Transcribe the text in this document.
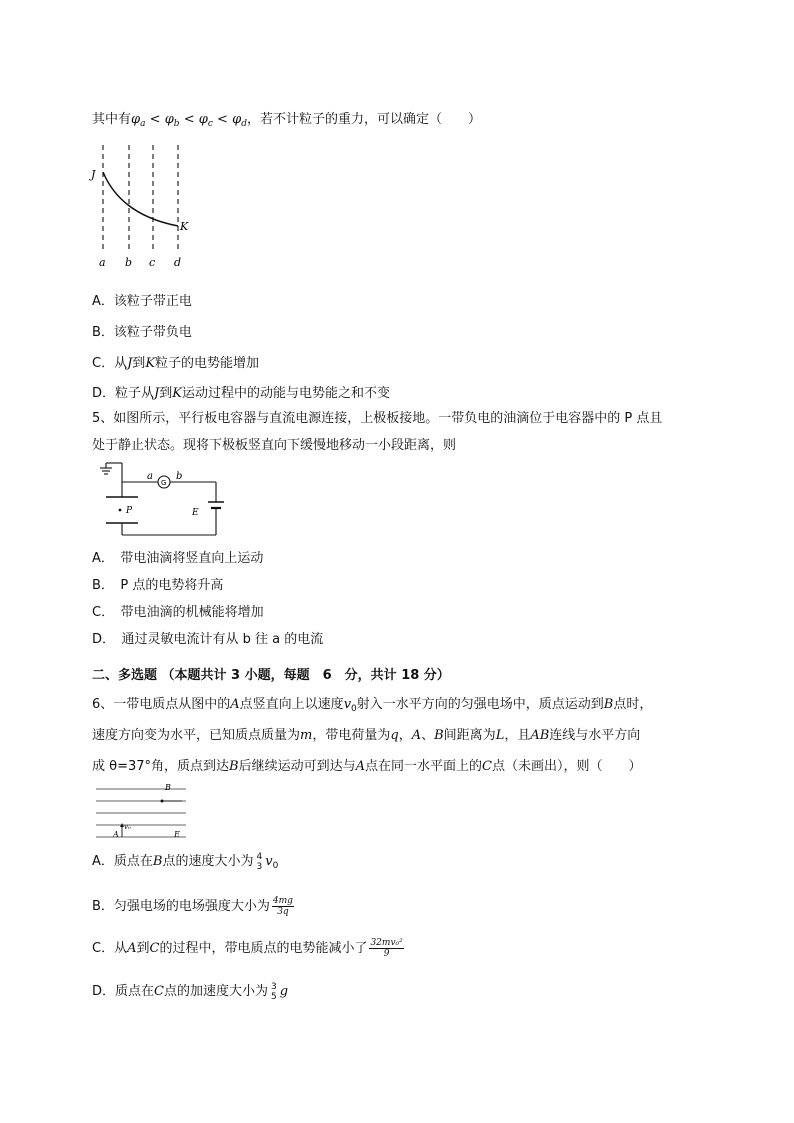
其中有$\varphi_a < \varphi_b < \varphi_c < \varphi_d$，若不计粒子的重力，可以确定（　　）
J
K
a b c d
A．该粒子带正电
B．该粒子带负电
C．从J到K粒子的电势能增加
D．粒子从J到K运动过程中的动能与电势能之和不变
5、如图所示，平行板电容器与直流电源连接，上极板接地。一带负电的油滴位于电容器中的 P 点且
处于静止状态。现将下极板竖直向下缓慢地移动一小段距离，则
a
G
b
P	E
A．　带电油滴将竖直向上运动
B．　P 点的电势将升高
C．　带电油滴的机械能将增加
D．　通过灵敏电流计有从 b 往 a 的电流
二、多选题 （本题共计 3 小题，每题　6　分，共计 18 分）
6、一带电质点从图中的A点竖直向上以速度$v_0$射入一水平方向的匀强电场中，质点运动到B点时，
速度方向变为水平，已知质点质量为m，带电荷量为q，A、B间距离为L，且AB连线与水平方向
成 θ=37°角，质点到达B后继续运动可到达与A点在同一水平面上的C点（未画出），则（　　）
B
A
v₀
E
A．质点在B点的速度大小为 4
3 $v_0$
B．匀强电场的电场强度大小为 $\frac{4mg}{3q}$
C．从A到C的过程中，带电质点的电势能减小了 $\frac{\text{32mv₀²}}{9}$
D．质点在C点的加速度大小为 3
5 g
